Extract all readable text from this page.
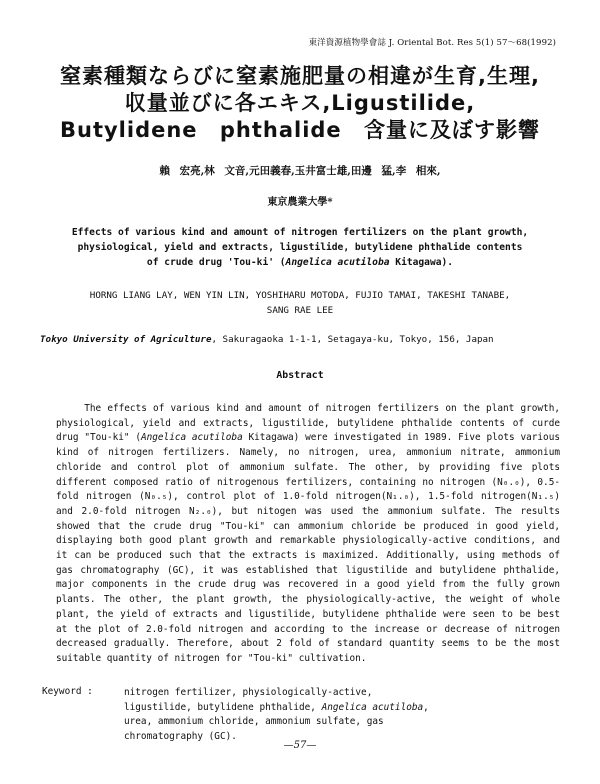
東洋資源植物學會誌 J. Oriental Bot. Res 5(1) 57～68(1992)
窒素種類ならびに窒素施肥量の相違が生育,生理,
収量並びに各エキス,Ligustilide,
Butylidene phthalide 含量に及ぼす影響
賴 宏亮,林 文音,元田義春,玉井富士雄,田邊 猛,李 相來,
東京農業大學*
Effects of various kind and amount of nitrogen fertilizers on the plant growth,
physiological, yield and extracts, ligustilide, butylidene phthalide contents
of crude drug 'Tou-ki' (Angelica acutiloba Kitagawa).
HORNG LIANG LAY, WEN YIN LIN, YOSHIHARU MOTODA, FUJIO TAMAI, TAKESHI TANABE,
SANG RAE LEE
Tokyo University of Agriculture, Sakuragaoka 1-1-1, Setagaya-ku, Tokyo, 156, Japan
Abstract

The effects of various kind and amount of nitrogen fertilizers on the plant growth, physiological, yield and extracts, ligustilide, butylidene phthalide contents of curde drug "Tou-ki" (Angelica acutiloba Kitagawa) were investigated in 1989. Five plots various kind of nitrogen fertilizers. Namely, no nitrogen, urea, ammonium nitrate, ammonium chloride and control plot of ammonium sulfate. The other, by providing five plots different composed ratio of nitrogenous fertilizers, containing no nitrogen (N₀.₀), 0.5-fold nitrogen (N₀.₅), control plot of 1.0-fold nitrogen(N₁.₀), 1.5-fold nitrogen(N₁.₅) and 2.0-fold nitrogen N₂.₀), but nitogen was used the ammonium sulfate. The results showed that the crude drug "Tou-ki" can ammonium chloride be produced in good yield, displaying both good plant growth and remarkable physiologically-active conditions, and it can be produced such that the extracts is maximized. Additionally, using methods of gas chromatography (GC), it was established that ligustilide and butylidene phthalide, major components in the crude drug was recovered in a good yield from the fully grown plants. The other, the plant growth, the physiologically-active, the weight of whole plant, the yield of extracts and ligustilide, butylidene phthalide were seen to be best at the plot of 2.0-fold nitrogen and according to the increase or decrease of nitrogen decreased gradually. Therefore, about 2 fold of standard quantity seems to be the most suitable quantity of nitrogen for "Tou-ki" cultivation.

Keyword :	nitrogen fertilizer, physiologically-active, ligustilide, butylidene phthalide, Angelica acutiloba, urea, ammonium chloride, ammonium sulfate, gas chromatography (GC).
—57—
